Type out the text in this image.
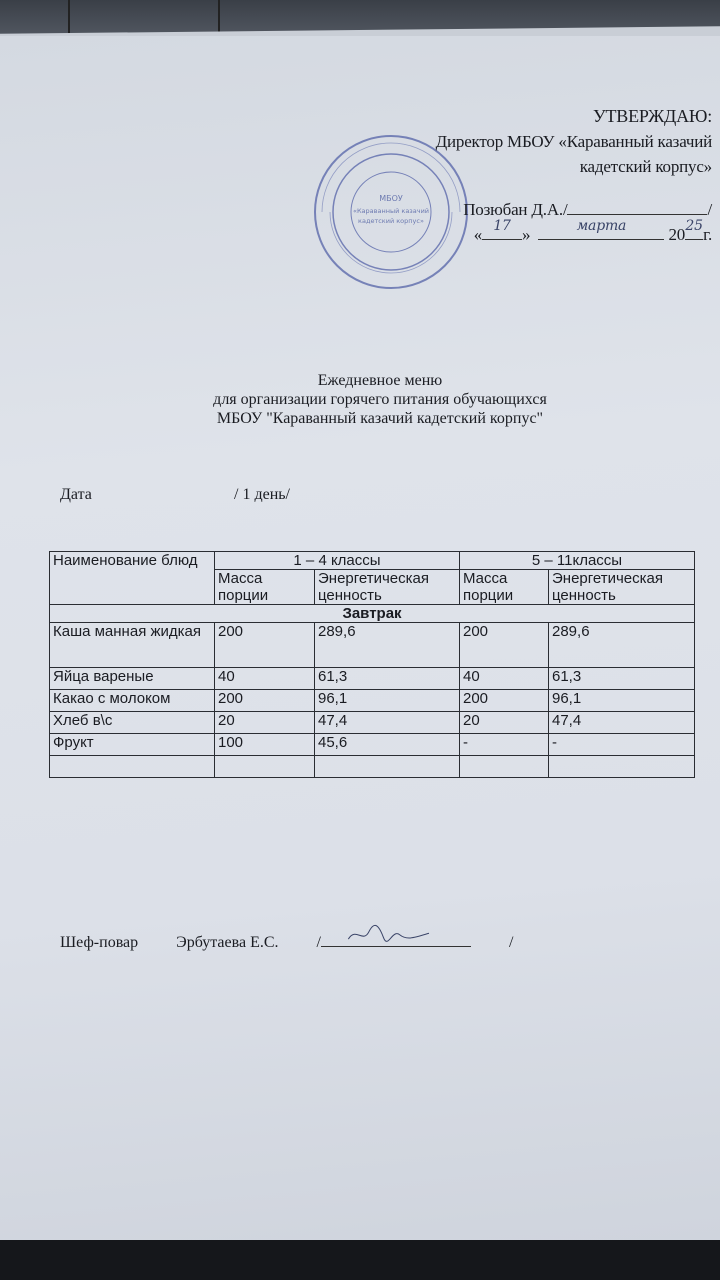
МБОУ
«Караванный казачий
кадетский корпус»
УТВЕРЖДАЮ:
Директор МБОУ «Караванный казачий
кадетский корпус»
Позюбан Д.А./	/
« 17 »	марта	20 25 г.
Ежедневное меню
для организации горячего питания обучающихся
МБОУ "Караванный казачий кадетский корпус"
Дата	/ 1 день/
Наименование блюд	1 – 4 классы		5 – 11классы	
	Масса порции	Энергетическая ценность	Масса порции	Энергетическая ценность
Завтрак				
Каша манная жидкая	200	289,6	200	289,6
Яйца вареные	40	61,3	40	61,3
Какао с молоком	200	96,1	200	96,1
Хлеб в\с	20	47,4	20	47,4
Фрукт	100	45,6	-	-

Шеф-повар Эрбутаева Е.С. /	/
